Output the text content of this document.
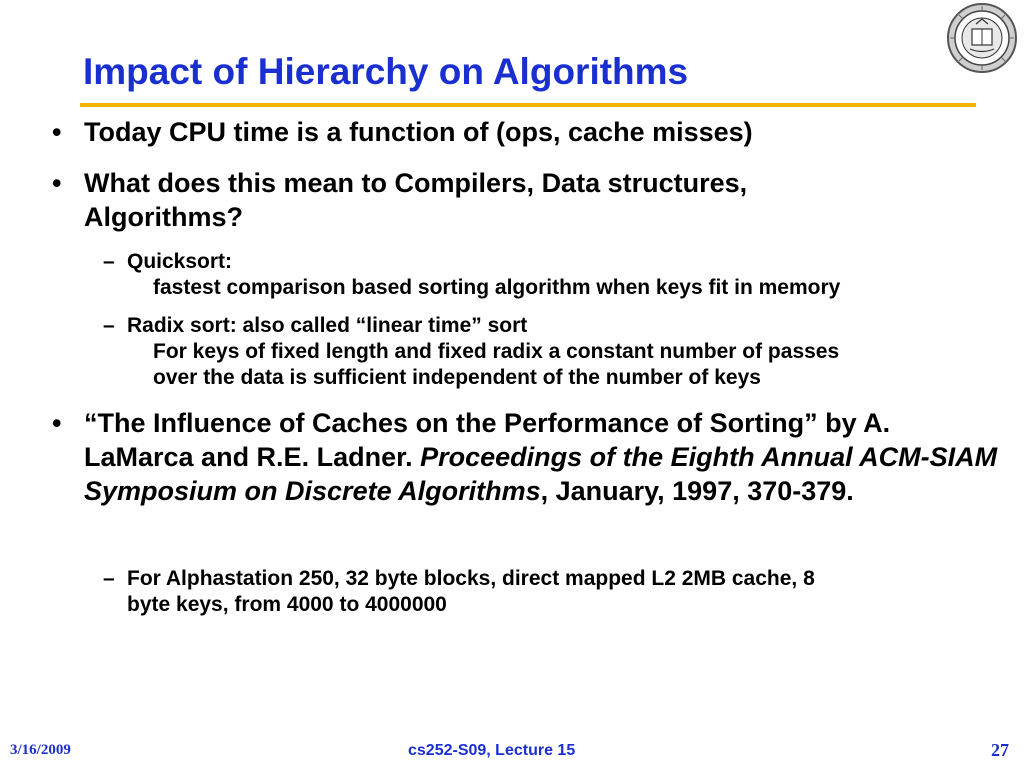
Impact of Hierarchy on Algorithms
• Today CPU time is a function of (ops, cache misses)
• What does this mean to Compilers, Data structures,
Algorithms?
– Quicksort:
fastest comparison based sorting algorithm when keys fit in memory
– Radix sort: also called “linear time” sort
For keys of fixed length and fixed radix a constant number of passes
over the data is sufficient independent of the number of keys
• “The Influence of Caches on the Performance of Sorting” by A. LaMarca and R.E. Ladner. Proceedings of the Eighth Annual ACM-SIAM Symposium on Discrete Algorithms, January, 1997, 370-379.
– For Alphastation 250, 32 byte blocks, direct mapped L2 2MB cache, 8
byte keys, from 4000 to 4000000
3/16/2009	cs252-S09, Lecture 15	27
